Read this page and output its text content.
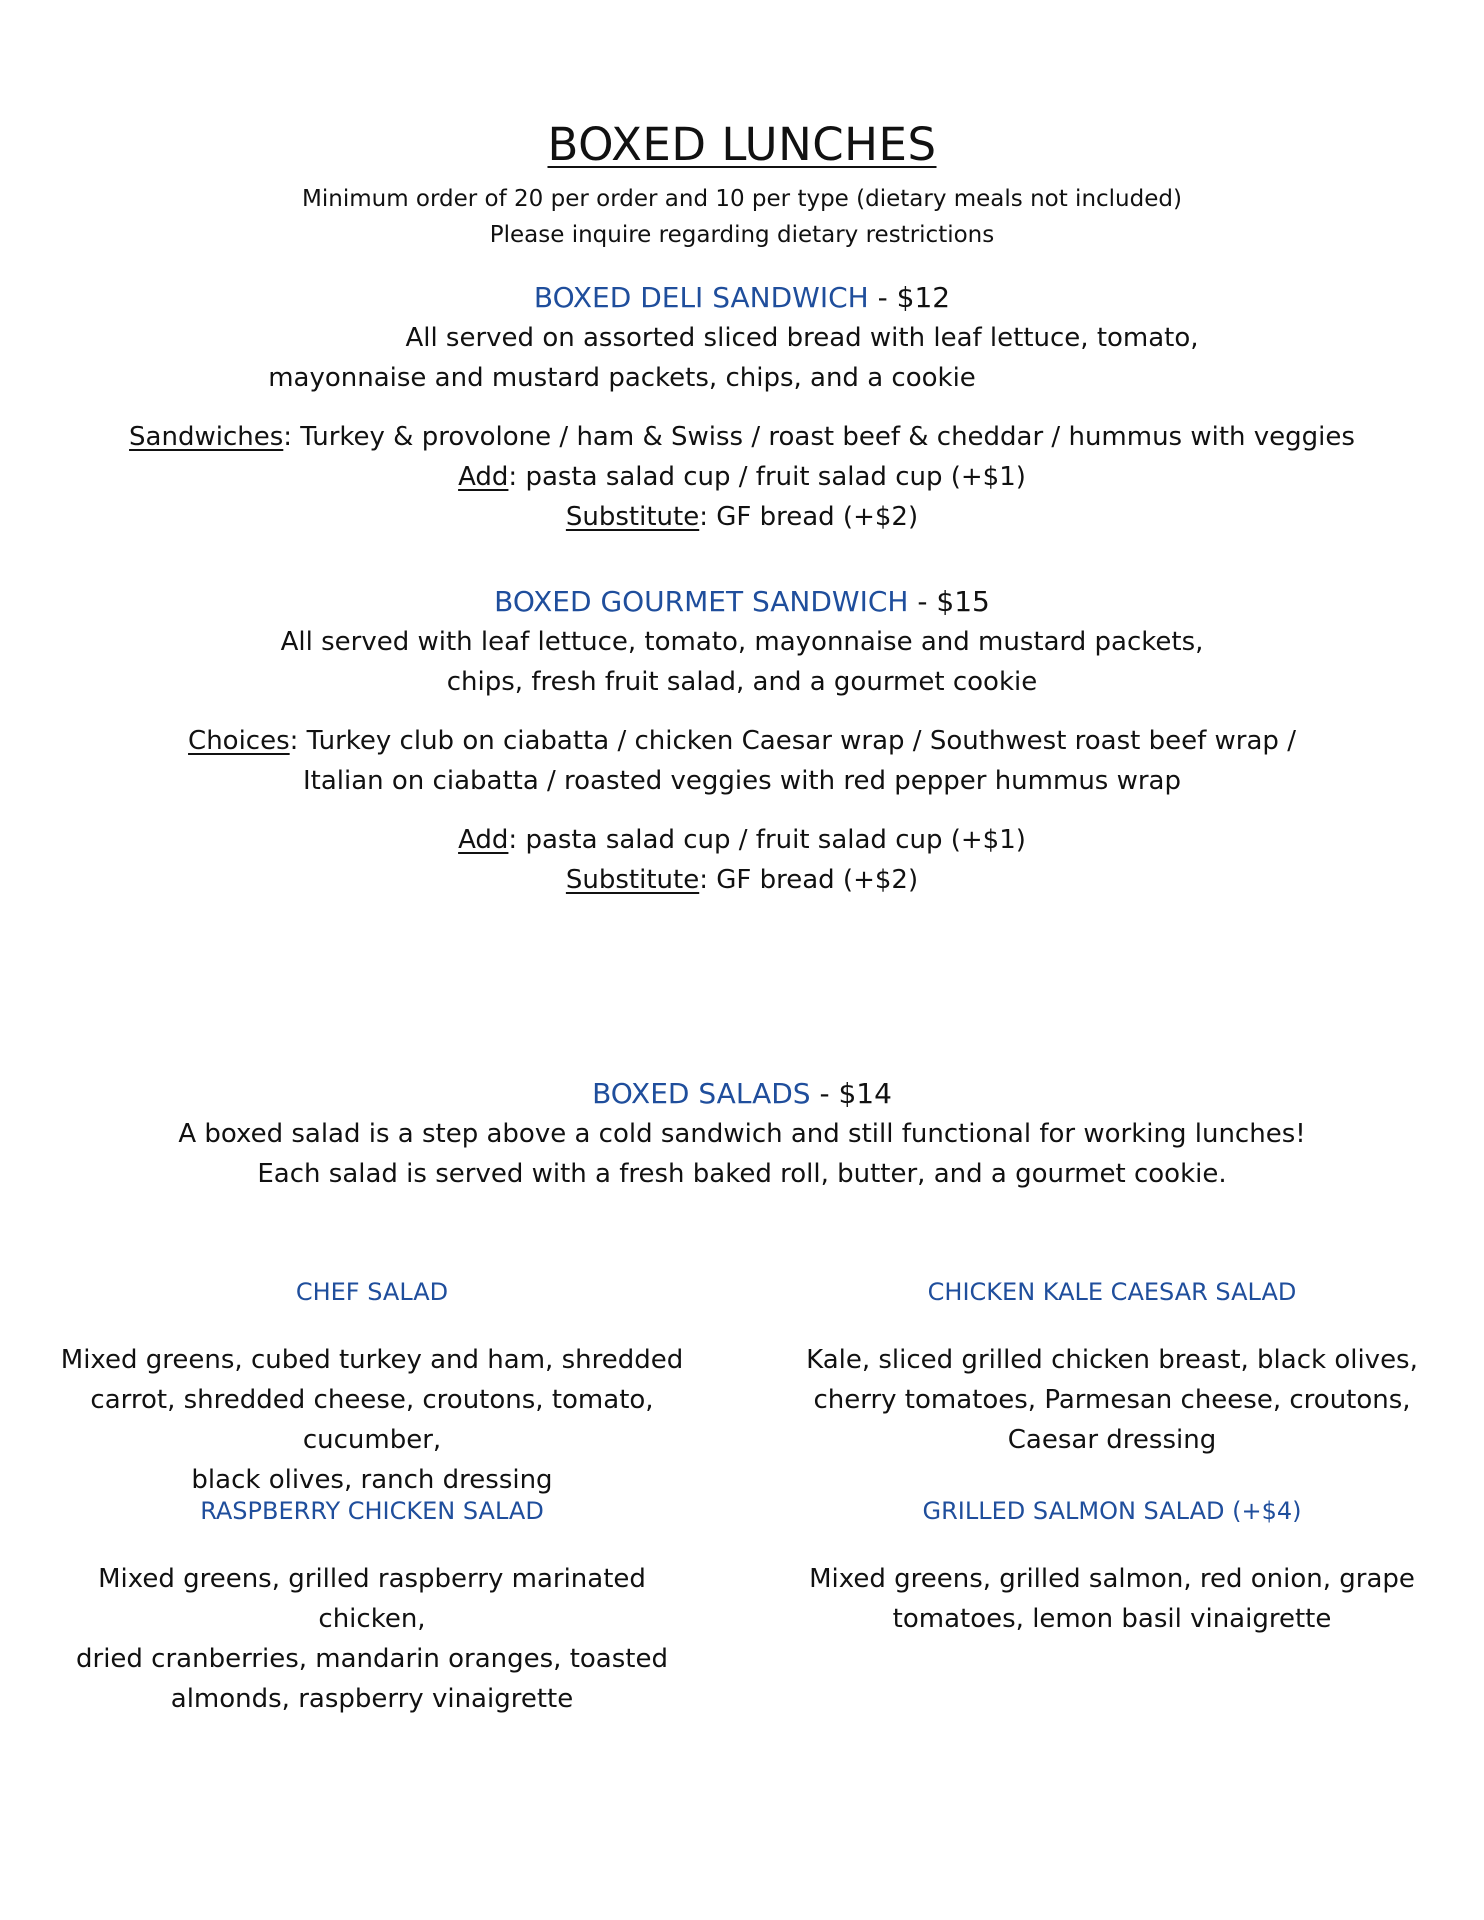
BOXED LUNCHES
Minimum order of 20 per order and 10 per type (dietary meals not included)
Please inquire regarding dietary restrictions
BOXED DELI SANDWICH - $12
All served on assorted sliced bread with leaf lettuce, tomato,
mayonnaise and mustard packets, chips, and a cookie
Sandwiches: Turkey & provolone / ham & Swiss / roast beef & cheddar / hummus with veggies
Add: pasta salad cup / fruit salad cup (+$1)
Substitute: GF bread (+$2)
BOXED GOURMET SANDWICH - $15
All served with leaf lettuce, tomato, mayonnaise and mustard packets,
chips, fresh fruit salad, and a gourmet cookie
Choices: Turkey club on ciabatta / chicken Caesar wrap / Southwest roast beef wrap /
Italian on ciabatta / roasted veggies with red pepper hummus wrap
Add: pasta salad cup / fruit salad cup (+$1)
Substitute: GF bread (+$2)
BOXED SALADS - $14
A boxed salad is a step above a cold sandwich and still functional for working lunches!
Each salad is served with a fresh baked roll, butter, and a gourmet cookie.
CHEF SALAD
Mixed greens, cubed turkey and ham, shredded
carrot, shredded cheese, croutons, tomato, cucumber,
black olives, ranch dressing
CHICKEN KALE CAESAR SALAD
Kale, sliced grilled chicken breast, black olives,
cherry tomatoes, Parmesan cheese, croutons,
Caesar dressing
RASPBERRY CHICKEN SALAD
Mixed greens, grilled raspberry marinated chicken,
dried cranberries, mandarin oranges, toasted
almonds, raspberry vinaigrette
GRILLED SALMON SALAD (+$4)
Mixed greens, grilled salmon, red onion, grape
tomatoes, lemon basil vinaigrette
